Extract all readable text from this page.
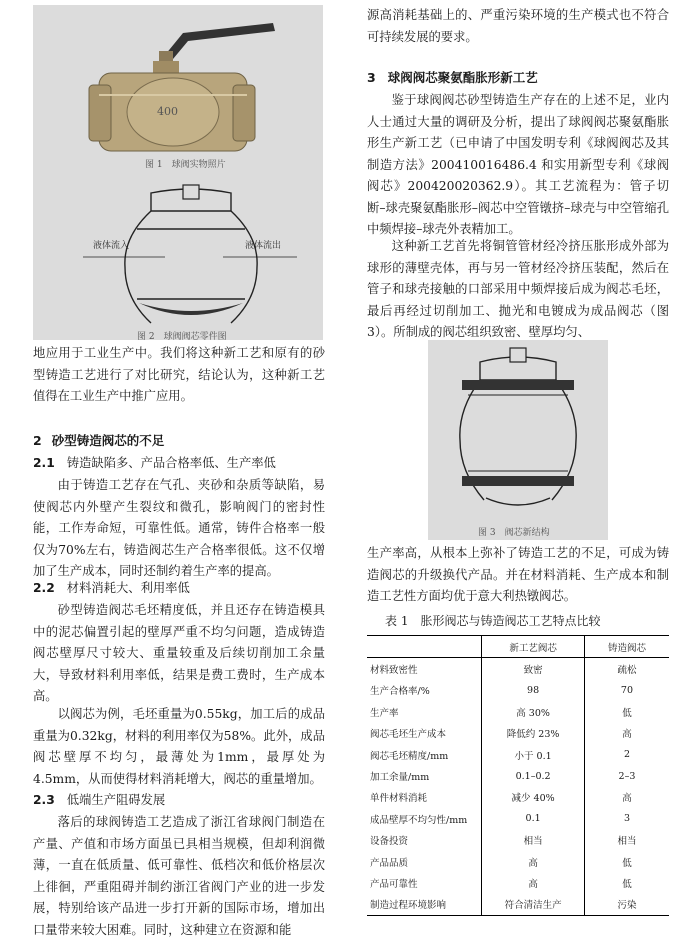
400
图 1　球阀实物照片
液体流入	液体流出
图 2　球阀阀芯零件图

地应用于工业生产中。我们将这种新工艺和原有的砂型铸造工艺进行了对比研究，结论认为，这种新工艺值得在工业生产中推广应用。

2 砂型铸造阀芯的不足
2.1 铸造缺陷多、产品合格率低、生产率低

由于铸造工艺存在气孔、夹砂和杂质等缺陷，易使阀芯内外壁产生裂纹和微孔，影响阀门的密封性能，工作寿命短，可靠性低。通常，铸件合格率一般仅为70%左右，铸造阀芯生产合格率很低。这不仅增加了生产成本，同时还制约着生产率的提高。

2.2 材料消耗大、利用率低

砂型铸造阀芯毛坯精度低，并且还存在铸造模具中的泥芯偏置引起的壁厚严重不均匀问题，造成铸造阀芯壁厚尺寸较大、重量较重及后续切削加工余量大，导致材料利用率低，结果是费工费时，生产成本高。

以阀芯为例，毛坯重量为0.55kg，加工后的成品重量为0.32kg，材料的利用率仅为58%。此外，成品阀芯壁厚不均匀，最薄处为1mm，最厚处为4.5mm，从而使得材料消耗增大，阀芯的重量增加。

2.3 低端生产阻碍发展

落后的球阀铸造工艺造成了浙江省球阀门制造在产量、产值和市场方面虽已具相当规模，但却利润微薄，一直在低质量、低可靠性、低档次和低价格层次上徘徊，严重阻碍并制约浙江省阀门产业的进一步发展，特别给该产品进一步打开新的国际市场，增加出口量带来较大困难。同时，这种建立在资源和能

源高消耗基础上的、严重污染环境的生产模式也不符合可持续发展的要求。

3 球阀阀芯聚氨酯胀形新工艺

鉴于球阀阀芯砂型铸造生产存在的上述不足，业内人士通过大量的调研及分析，提出了球阀阀芯聚氨酯胀形生产新工艺（已申请了中国发明专利《球阀阀芯及其制造方法》200410016486.4 和实用新型专利《球阀阀芯》200420020362.9）。其工艺流程为：管子切断–球壳聚氨酯胀形–阀芯中空管镦挤–球壳与中空管缩孔中频焊接–球壳外表精加工。

这种新工艺首先将铜管管材经冷挤压胀形成外部为球形的薄壁壳体，再与另一管材经冷挤压装配，然后在管子和球壳接触的口部采用中频焊接后成为阀芯毛坯，最后再经过切削加工、抛光和电镀成为成品阀芯（图 3）。所制成的阀芯组织致密、壁厚均匀、

图 3　阀芯新结构

生产率高，从根本上弥补了铸造工艺的不足，可成为铸造阀芯的升级换代产品。并在材料消耗、生产成本和制造工艺性方面均优于意大利热镦阀芯。

表 1　胀形阀芯与铸造阀芯工艺特点比较
	新工艺阀芯	铸造阀芯
材料致密性	致密	疏松
生产合格率/%	98	70
生产率	高 30%	低
阀芯毛坯生产成本	降低约 23%	高
阀芯毛坯精度/mm	小于 0.1	2
加工余量/mm	0.1–0.2	2–3
单件材料消耗	减少 40%	高
成品壁厚不均匀性/mm	0.1	3
设备投资	相当	相当
产品品质	高	低
产品可靠性	高	低
制造过程环境影响	符合清洁生产	污染
